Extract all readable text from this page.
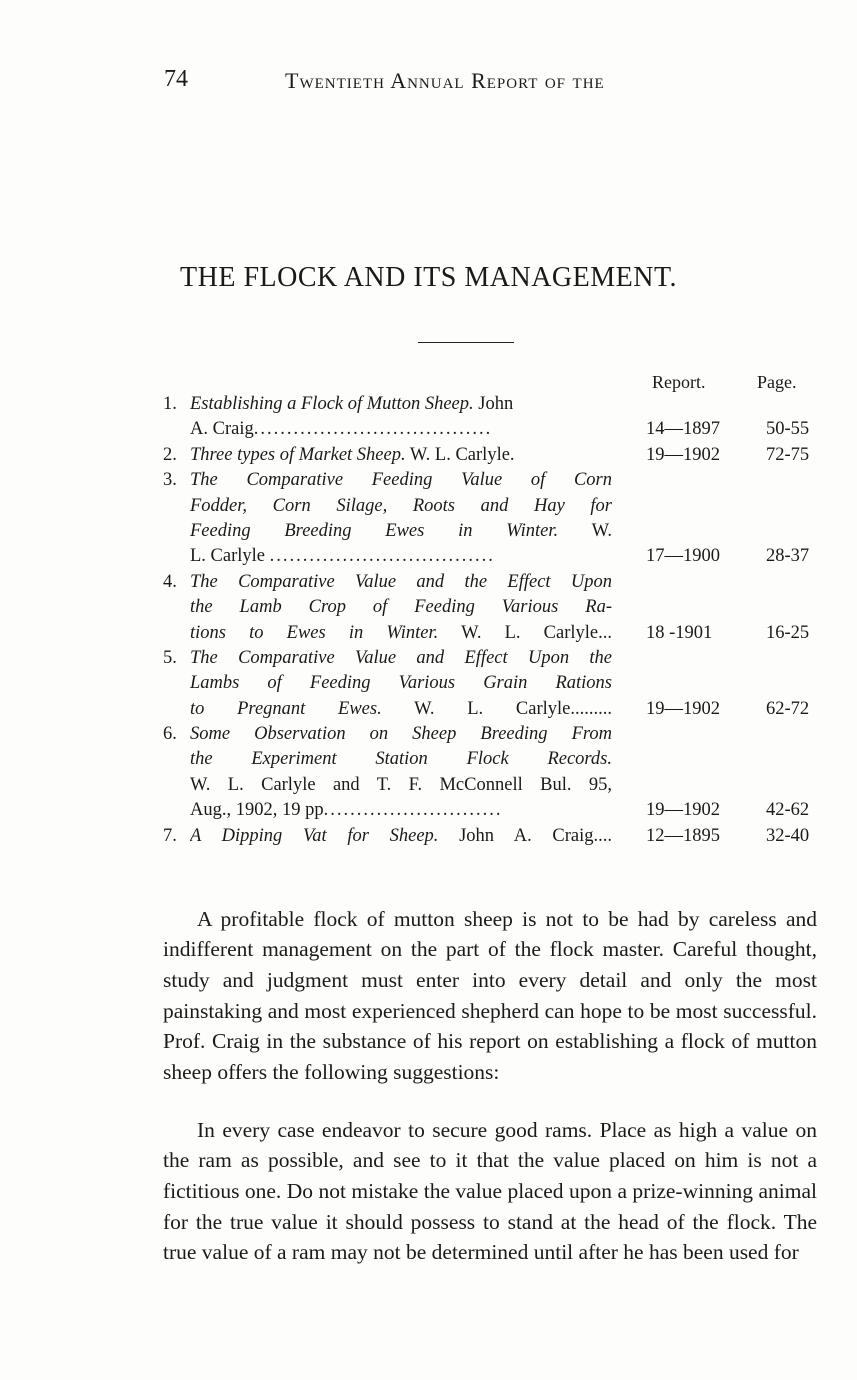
74	Twentieth Annual Report of the
THE FLOCK AND ITS MANAGEMENT.
Report.	Page.
1. Establishing a Flock of Mutton Sheep. John
A. Craig....................................	14—1897 50-55
2. Three types of Market Sheep. W. L. Carlyle.	19—1902 72-75
3. The Comparative Feeding Value of Corn
Fodder, Corn Silage, Roots and Hay for
Feeding Breeding Ewes in Winter. W.
L. Carlyle ..................................	17—1900 28-37
4. The Comparative Value and the Effect Upon
the Lamb Crop of Feeding Various Ra-
tions to Ewes in Winter. W. L. Carlyle... 18 -1901	16-25
5. The Comparative Value and Effect Upon the
Lambs of Feeding Various Grain Rations
to Pregnant Ewes. W. L. Carlyle......... 19—1902 62-72
6. Some Observation on Sheep Breeding From
the Experiment Station Flock Records.
W. L. Carlyle and T. F. McConnell Bul. 95,
Aug., 1902, 19 pp...........................	19—1902 42-62
7. A Dipping Vat for Sheep. John A. Craig.... 12—1895 32-40

A profitable flock of mutton sheep is not to be had by careless and indifferent management on the part of the flock master. Careful thought, study and judgment must enter into every detail and only the most painstaking and most experienced shepherd can hope to be most successful. Prof. Craig in the substance of his report on establishing a flock of mutton sheep offers the following suggestions:

In every case endeavor to secure good rams. Place as high a value on the ram as possible, and see to it that the value placed on him is not a fictitious one. Do not mistake the value placed upon a prize-winning animal for the true value it should possess to stand at the head of the flock. The true value of a ram may not be determined until after he has been used for
